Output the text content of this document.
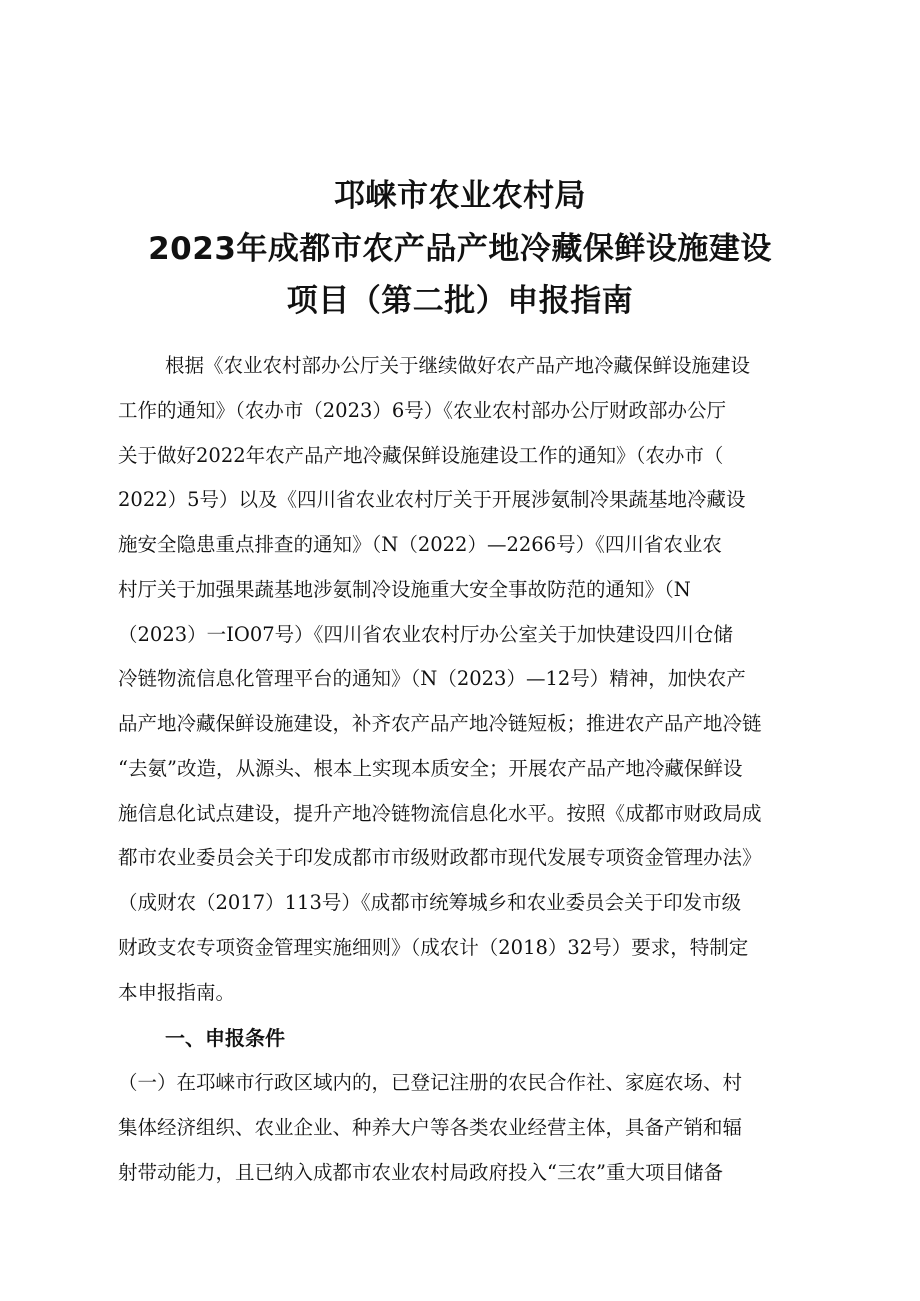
邛崃市农业农村局
2023年成都市农产品产地冷藏保鲜设施建设
项目（第二批）申报指南
根据《农业农村部办公厅关于继续做好农产品产地冷藏保鲜设施建设
工作的通知》（农办市（2023）6号）《农业农村部办公厅财政部办公厅
关于做好2022年农产品产地冷藏保鲜设施建设工作的通知》（农办市（
2022）5号）以及《四川省农业农村厅关于开展涉氨制冷果蔬基地冷藏设
施安全隐患重点排查的通知》（N（2022）—2266号）《四川省农业农
村厅关于加强果蔬基地涉氨制冷设施重大安全事故防范的通知》（N
（2023）一IO07号）《四川省农业农村厅办公室关于加快建设四川仓储
冷链物流信息化管理平台的通知》（N（2023）—12号）精神，加快农产
品产地冷藏保鲜设施建设，补齐农产品产地冷链短板；推进农产品产地冷链
“去氨”改造，从源头、根本上实现本质安全；开展农产品产地冷藏保鲜设
施信息化试点建设，提升产地冷链物流信息化水平。按照《成都市财政局成
都市农业委员会关于印发成都市市级财政都市现代发展专项资金管理办法》
（成财农（2017）113号）《成都市统筹城乡和农业委员会关于印发市级
财政支农专项资金管理实施细则》（成农计（2018）32号）要求，特制定
本申报指南。
一、申报条件
（一）在邛崃市行政区域内的，已登记注册的农民合作社、家庭农场、村
集体经济组织、农业企业、种养大户等各类农业经营主体，具备产销和辐
射带动能力，且已纳入成都市农业农村局政府投入“三农”重大项目储备
